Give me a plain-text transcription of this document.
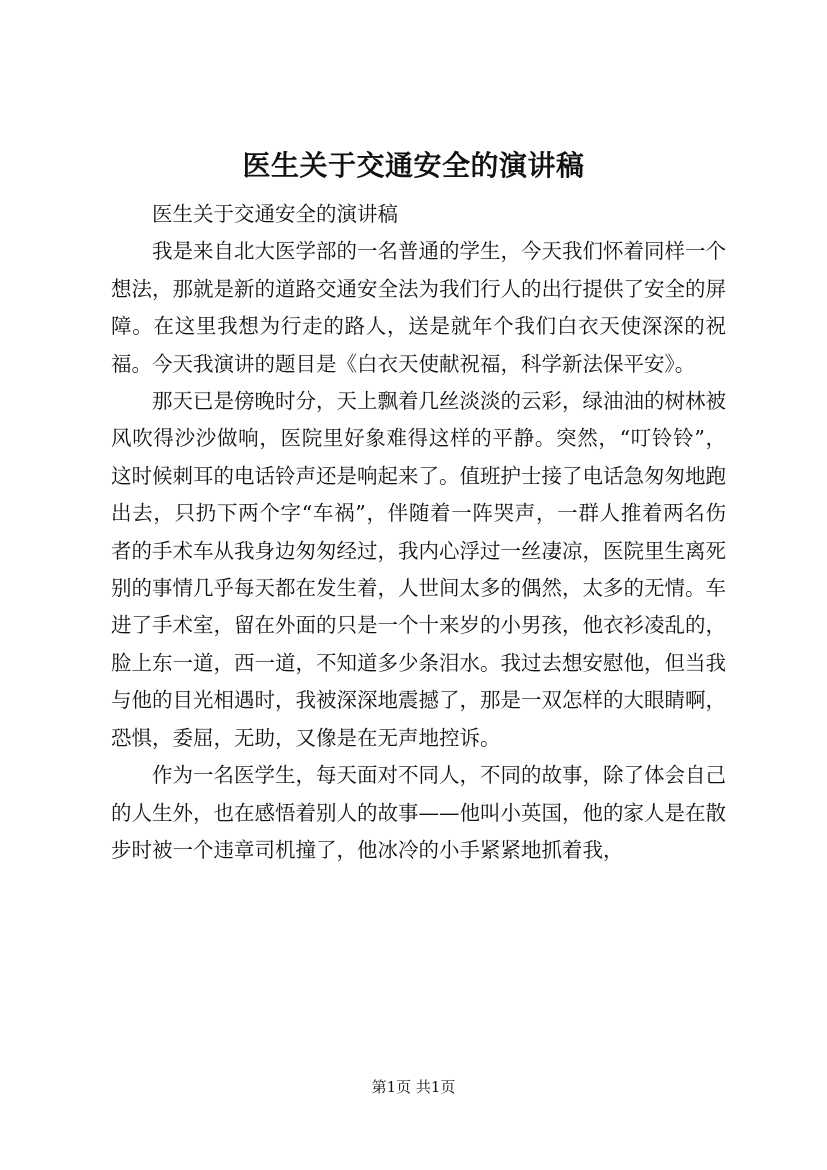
医生关于交通安全的演讲稿

医生关于交通安全的演讲稿

我是来自北大医学部的一名普通的学生，今天我们怀着同样一个想法，那就是新的道路交通安全法为我们行人的出行提供了安全的屏障。在这里我想为行走的路人，送是就年个我们白衣天使深深的祝福。今天我演讲的题目是《白衣天使献祝福，科学新法保平安》。

那天已是傍晚时分，天上飘着几丝淡淡的云彩，绿油油的树林被风吹得沙沙做响，医院里好象难得这样的平静。突然，“叮铃铃”，这时候刺耳的电话铃声还是响起来了。值班护士接了电话急匆匆地跑出去，只扔下两个字“车祸”，伴随着一阵哭声，一群人推着两名伤者的手术车从我身边匆匆经过，我内心浮过一丝凄凉，医院里生离死别的事情几乎每天都在发生着，人世间太多的偶然，太多的无情。车进了手术室，留在外面的只是一个十来岁的小男孩，他衣衫凌乱的，脸上东一道，西一道，不知道多少条泪水。我过去想安慰他，但当我与他的目光相遇时，我被深深地震撼了，那是一双怎样的大眼睛啊，恐惧，委屈，无助，又像是在无声地控诉。

作为一名医学生，每天面对不同人，不同的故事，除了体会自己的人生外，也在感悟着别人的故事——他叫小英国，他的家人是在散步时被一个违章司机撞了，他冰冷的小手紧紧地抓着我，

第1页 共1页
